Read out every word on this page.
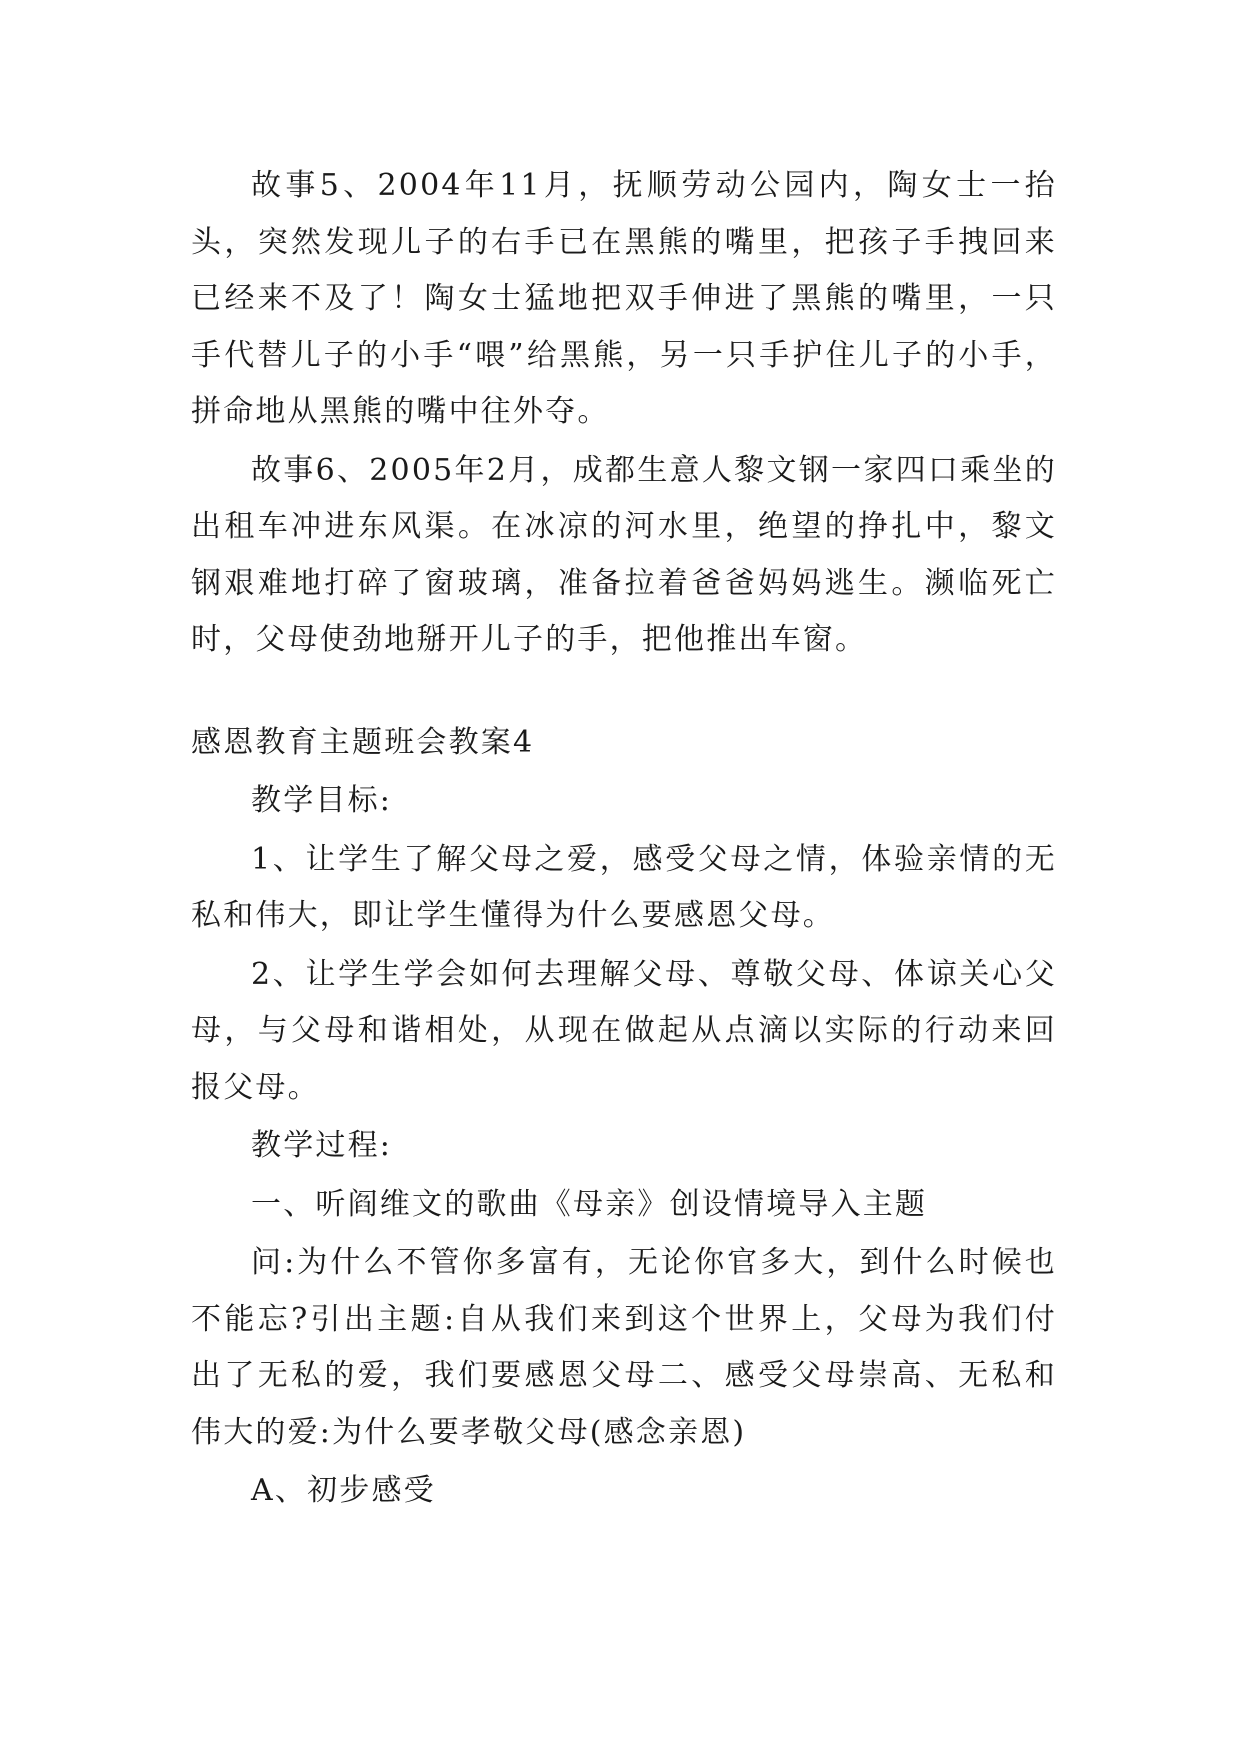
故事5、2004年11月，抚顺劳动公园内，陶女士一抬头，突然发现儿子的右手已在黑熊的嘴里，把孩子手拽回来已经来不及了！陶女士猛地把双手伸进了黑熊的嘴里，一只手代替儿子的小手“喂”给黑熊，另一只手护住儿子的小手，拼命地从黑熊的嘴中往外夺。

故事6、2005年2月，成都生意人黎文钢一家四口乘坐的出租车冲进东风渠。在冰凉的河水里，绝望的挣扎中，黎文钢艰难地打碎了窗玻璃，准备拉着爸爸妈妈逃生。濒临死亡时，父母使劲地掰开儿子的手，把他推出车窗。

感恩教育主题班会教案4

教学目标:

1、让学生了解父母之爱，感受父母之情，体验亲情的无私和伟大，即让学生懂得为什么要感恩父母。

2、让学生学会如何去理解父母、尊敬父母、体谅关心父母，与父母和谐相处，从现在做起从点滴以实际的行动来回报父母。

教学过程:

一、听阎维文的歌曲《母亲》创设情境导入主题

问:为什么不管你多富有，无论你官多大，到什么时候也不能忘?引出主题:自从我们来到这个世界上，父母为我们付出了无私的爱，我们要感恩父母二、感受父母崇高、无私和伟大的爱:为什么要孝敬父母(感念亲恩)

A、初步感受
